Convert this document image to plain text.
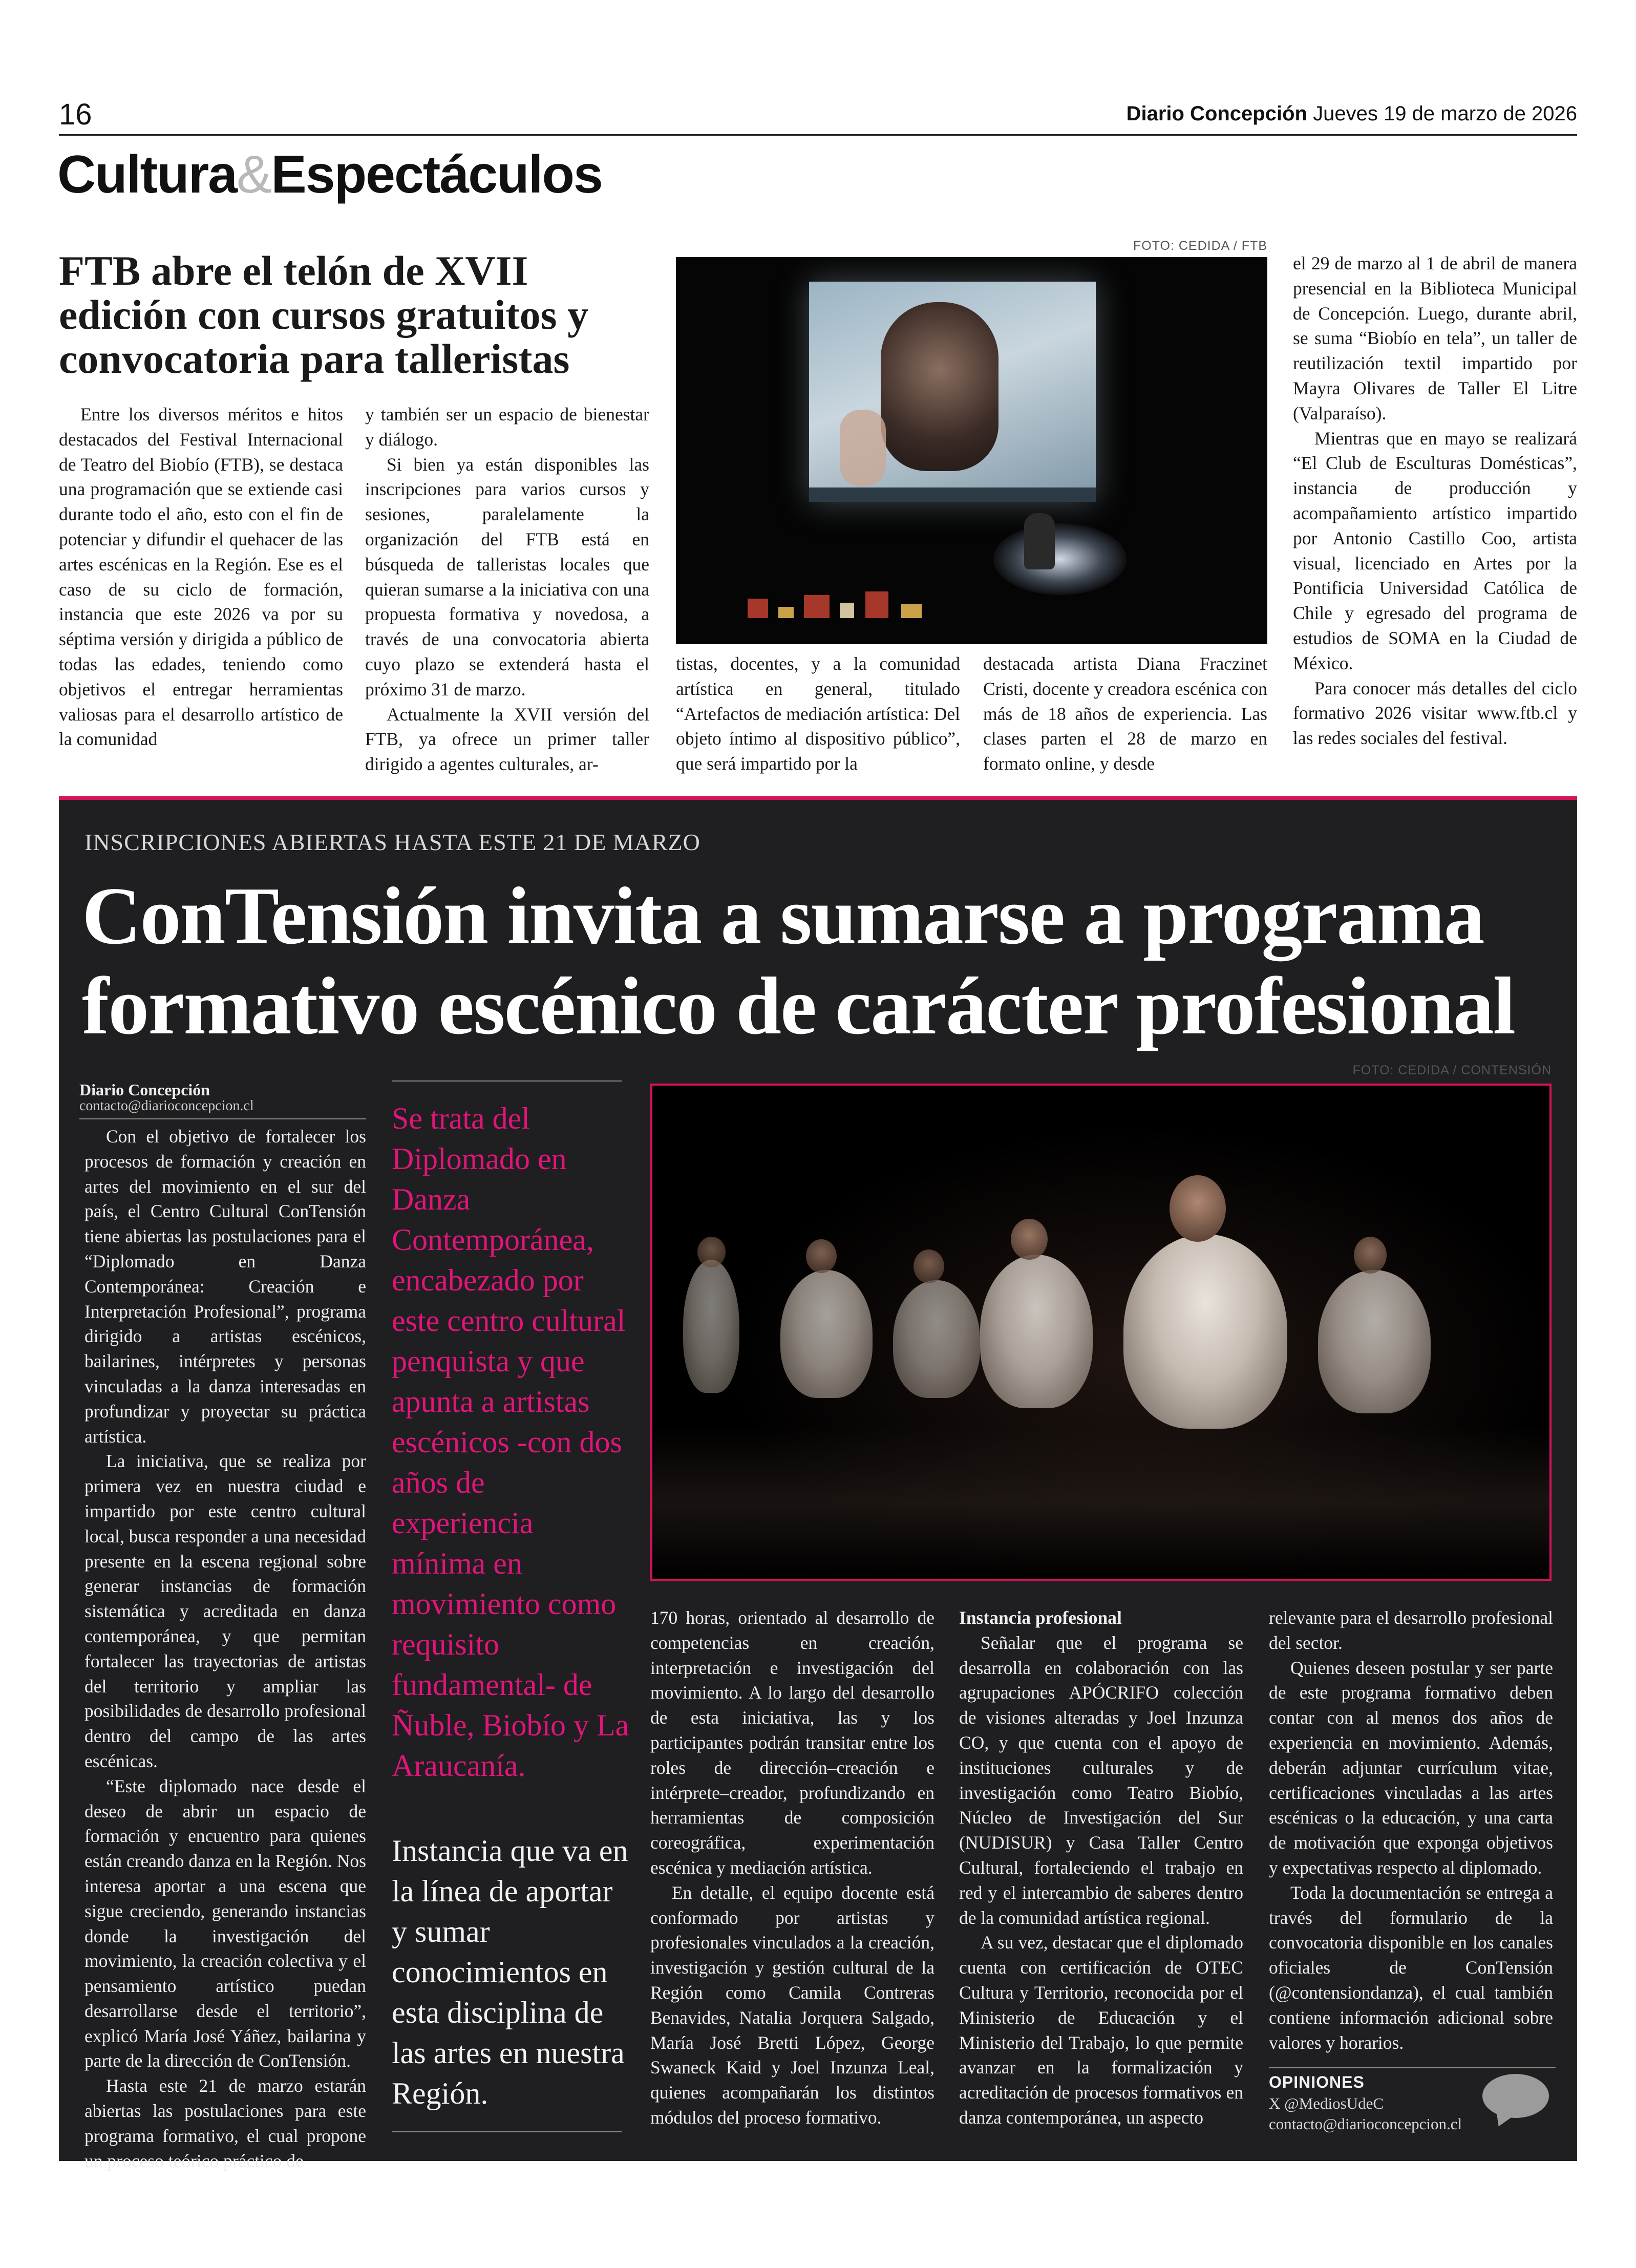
16	Diario Concepción Jueves 19 de marzo de 2026
Cultura&Espectáculos
FTB abre el telón de XVII edición con cursos gratuitos y convocatoria para talleristas

Entre los diversos méritos e hitos destacados del Festival Internacional de Teatro del Biobío (FTB), se destaca una programación que se extiende casi durante todo el año, esto con el fin de potenciar y difundir el quehacer de las artes escénicas en la Región. Ese es el caso de su ciclo de formación, instancia que este 2026 va por su séptima versión y dirigida a público de todas las edades, teniendo como objetivos el entregar herramientas valiosas para el desarrollo artístico de la comunidad

y también ser un espacio de bienestar y diálogo.

Si bien ya están disponibles las inscripciones para varios cursos y sesiones, paralelamente la organización del FTB está en búsqueda de talleristas locales que quieran sumarse a la iniciativa con una propuesta formativa y novedosa, a través de una convocatoria abierta cuyo plazo se extenderá hasta el próximo 31 de marzo.

Actualmente la XVII versión del FTB, ya ofrece un primer taller dirigido a agentes culturales, ar-

FOTO: CEDIDA / FTB

tistas, docentes, y a la comunidad artística en general, titulado “Artefactos de mediación artística: Del objeto íntimo al dispositivo público”, que será impartido por la

destacada artista Diana Fraczinet Cristi, docente y creadora escénica con más de 18 años de experiencia. Las clases parten el 28 de marzo en formato online, y desde

el 29 de marzo al 1 de abril de manera presencial en la Biblioteca Municipal de Concepción. Luego, durante abril, se suma “Biobío en tela”, un taller de reutilización textil impartido por Mayra Olivares de Taller El Litre (Valparaíso).

Mientras que en mayo se realizará “El Club de Esculturas Domésticas”, instancia de producción y acompañamiento artístico impartido por Antonio Castillo Coo, artista visual, licenciado en Artes por la Pontificia Universidad Católica de Chile y egresado del programa de estudios de SOMA en la Ciudad de México.

Para conocer más detalles del ciclo formativo 2026 visitar www.ftb.cl y las redes sociales del festival.

INSCRIPCIONES ABIERTAS HASTA ESTE 21 DE MARZO
ConTensión invita a sumarse a programa formativo escénico de carácter profesional
Diario Concepción
contacto@diarioconcepcion.cl

Con el objetivo de fortalecer los procesos de formación y creación en artes del movimiento en el sur del país, el Centro Cultural ConTensión tiene abiertas las postulaciones para el “Diplomado en Danza Contemporánea: Creación e Interpretación Profesional”, programa dirigido a artistas escénicos, bailarines, intérpretes y personas vinculadas a la danza interesadas en profundizar y proyectar su práctica artística.

La iniciativa, que se realiza por primera vez en nuestra ciudad e impartido por este centro cultural local, busca responder a una necesidad presente en la escena regional sobre generar instancias de formación sistemática y acreditada en danza contemporánea, y que permitan fortalecer las trayectorias de artistas del territorio y ampliar las posibilidades de desarrollo profesional dentro del campo de las artes escénicas.

“Este diplomado nace desde el deseo de abrir un espacio de formación y encuentro para quienes están creando danza en la Región. Nos interesa aportar a una escena que sigue creciendo, generando instancias donde la investigación del movimiento, la creación colectiva y el pensamiento artístico puedan desarrollarse desde el territorio”, explicó María José Yáñez, bailarina y parte de la dirección de ConTensión.

Hasta este 21 de marzo estarán abiertas las postulaciones para este programa formativo, el cual propone un proceso teórico práctico de

Se trata del Diplomado en Danza Contemporánea, encabezado por este centro cultural penquista y que apunta a artistas escénicos -con dos años de experiencia mínima en movimiento como requisito fundamental- de Ñuble, Biobío y La Araucanía.
Instancia que va en la línea de aportar y sumar conocimientos en esta disciplina de las artes en nuestra Región.
FOTO: CEDIDA / CONTENSIÓN

170 horas, orientado al desarrollo de competencias en creación, interpretación e investigación del movimiento. A lo largo del desarrollo de esta iniciativa, las y los participantes podrán transitar entre los roles de dirección–creación e intérprete–creador, profundizando en herramientas de composición coreográfica, experimentación escénica y mediación artística.

En detalle, el equipo docente está conformado por artistas y profesionales vinculados a la creación, investigación y gestión cultural de la Región como Camila Contreras Benavides, Natalia Jorquera Salgado, María José Bretti López, George Swaneck Kaid y Joel Inzunza Leal, quienes acompañarán los distintos módulos del proceso formativo.

Instancia profesional

Señalar que el programa se desarrolla en colaboración con las agrupaciones APÓCRIFO colección de visiones alteradas y Joel Inzunza CO, y que cuenta con el apoyo de instituciones culturales y de investigación como Teatro Biobío, Núcleo de Investigación del Sur (NUDISUR) y Casa Taller Centro Cultural, fortaleciendo el trabajo en red y el intercambio de saberes dentro de la comunidad artística regional.

A su vez, destacar que el diplomado cuenta con certificación de OTEC Cultura y Territorio, reconocida por el Ministerio de Educación y el Ministerio del Trabajo, lo que permite avanzar en la formalización y acreditación de procesos formativos en danza contemporánea, un aspecto

relevante para el desarrollo profesional del sector.

Quienes deseen postular y ser parte de este programa formativo deben contar con al menos dos años de experiencia en movimiento. Además, deberán adjuntar currículum vitae, certificaciones vinculadas a las artes escénicas o la educación, y una carta de motivación que exponga objetivos y expectativas respecto al diplomado.

Toda la documentación se entrega a través del formulario de la convocatoria disponible en los canales oficiales de ConTensión (@contensiondanza), el cual también contiene información adicional sobre valores y horarios.

OPINIONES
X @MediosUdeC
contacto@diarioconcepcion.cl
